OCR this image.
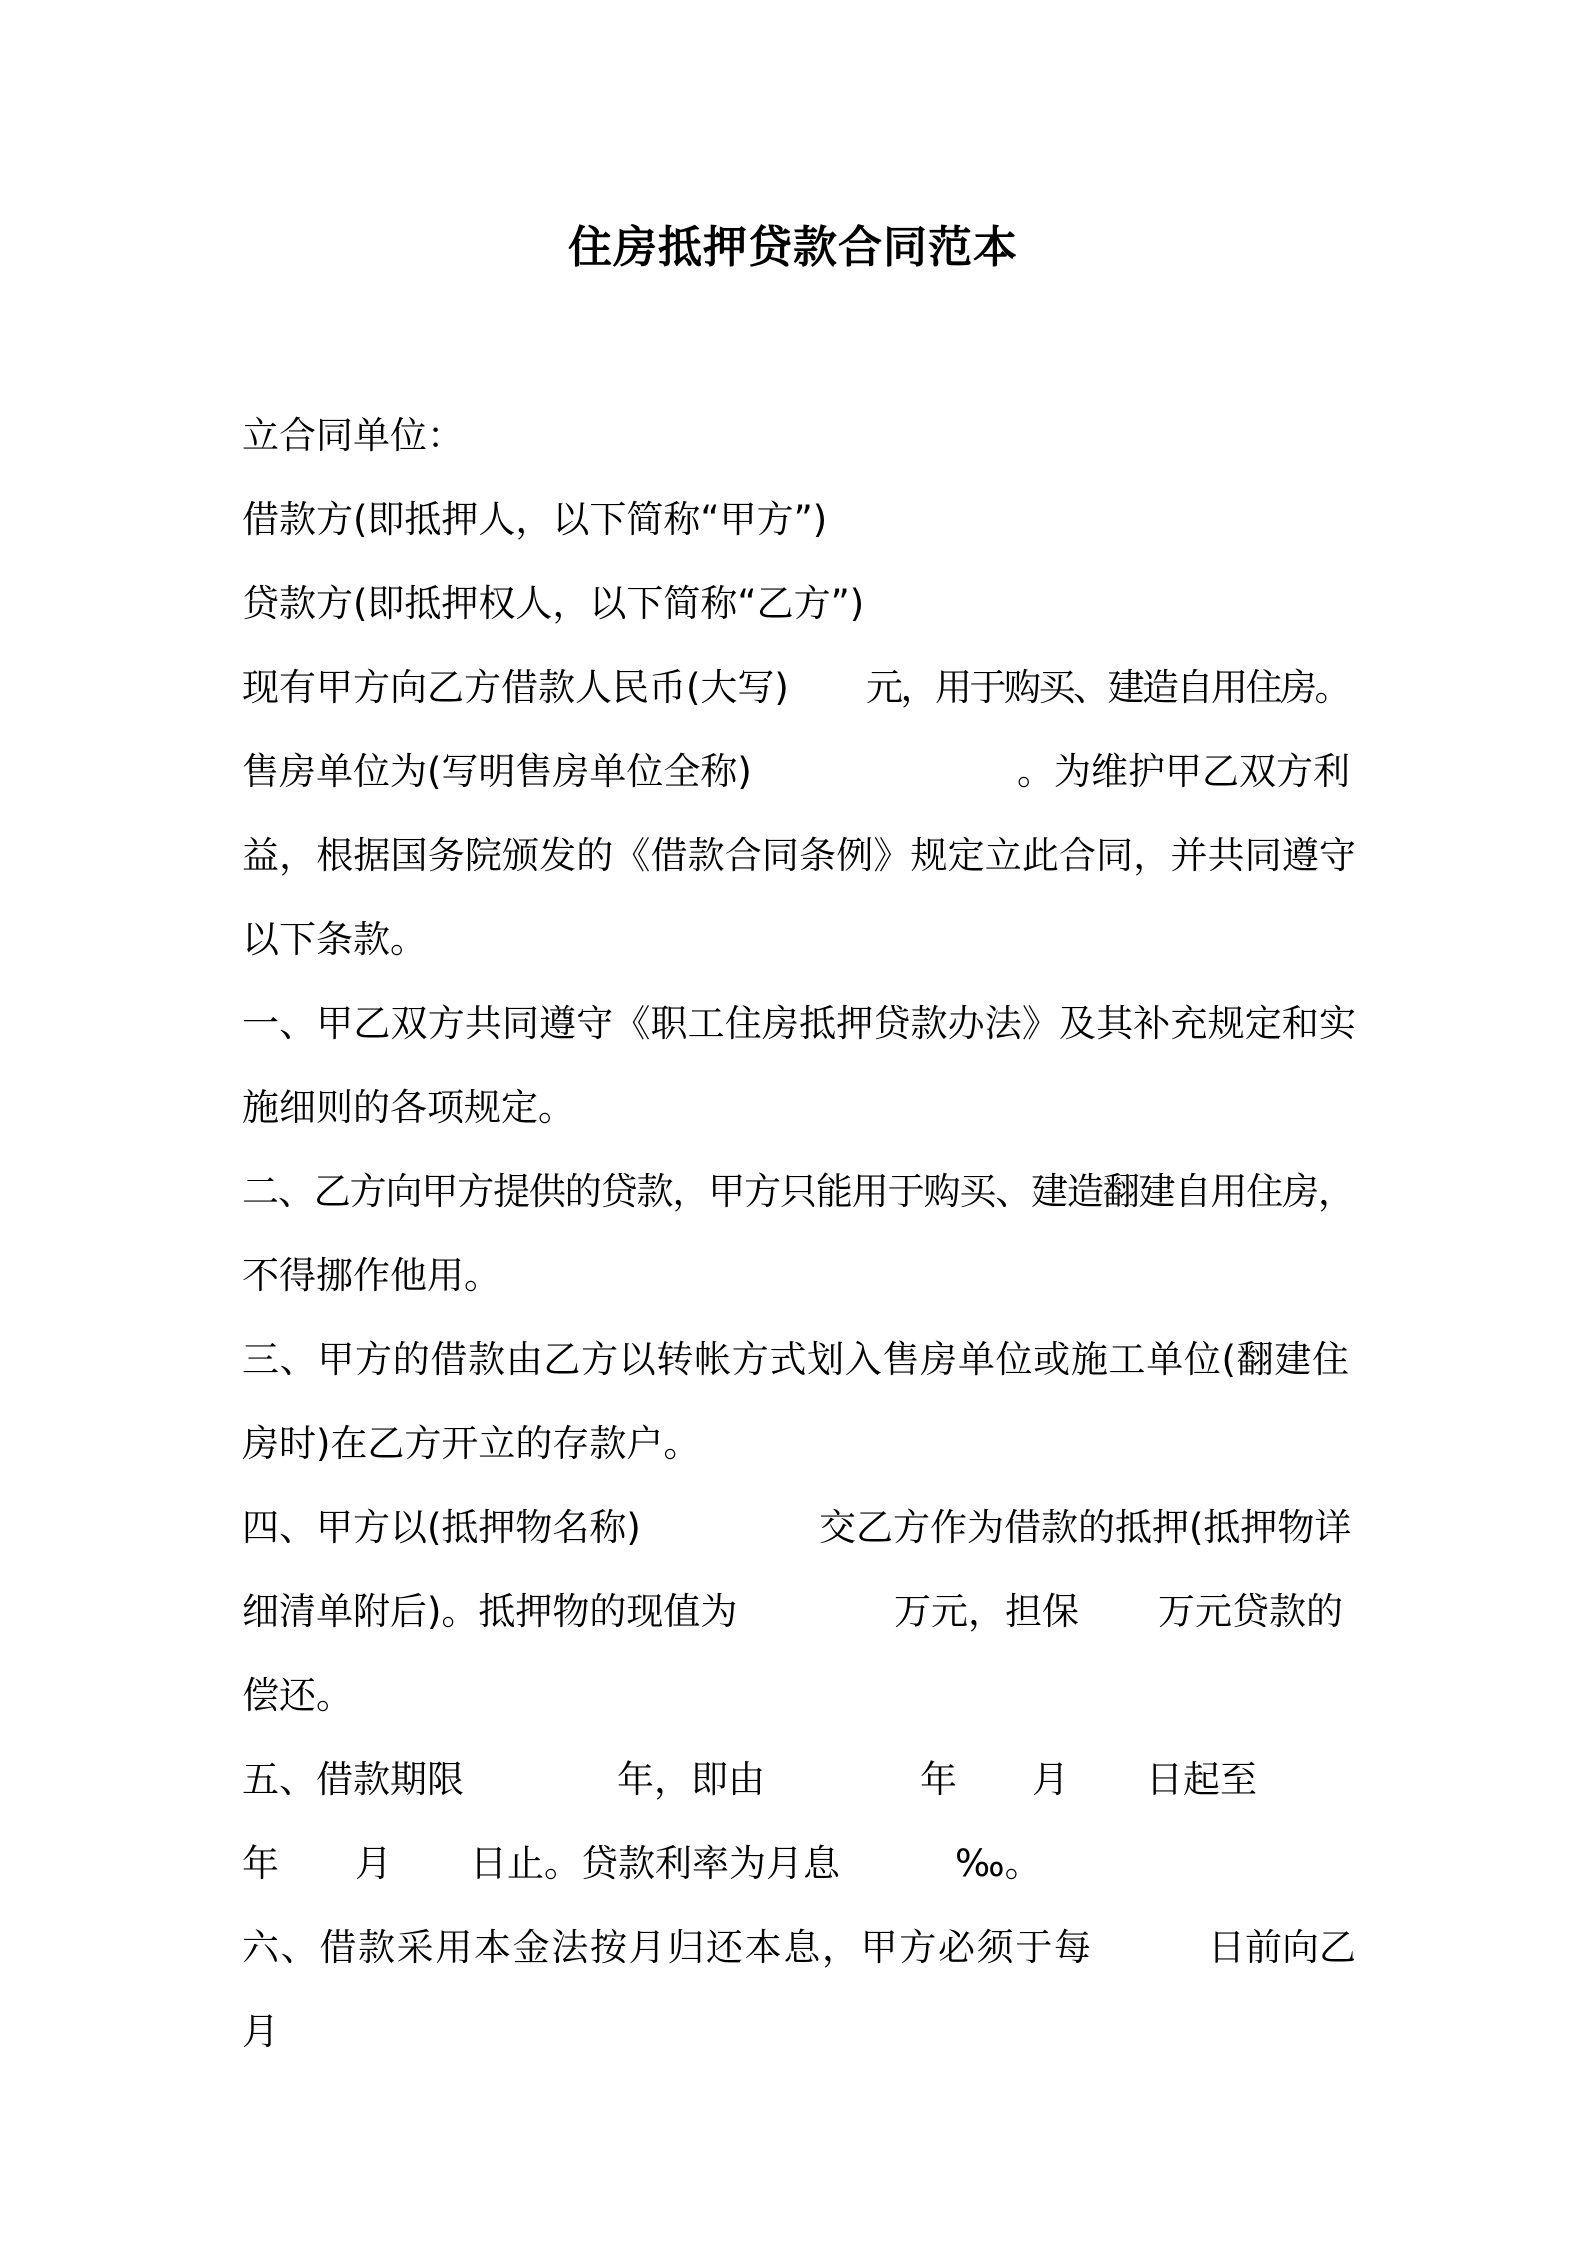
住房抵押贷款合同范本
立合同单位：
借款方(即抵押人，以下简称“甲方”)
贷款方(即抵押权人，以下简称“乙方”)
现有甲方向乙方借款人民币(大写) 元，用于购买、建造自用住房。
售房单位为(写明售房单位全称)	。为维护甲乙双方利
益，根据国务院颁发的《借款合同条例》规定立此合同，并共同遵守
以下条款。
一、甲乙双方共同遵守《职工住房抵押贷款办法》及其补充规定和实
施细则的各项规定。
二、乙方向甲方提供的贷款，甲方只能用于购买、建造翻建自用住房，
不得挪作他用。
三、甲方的借款由乙方以转帐方式划入售房单位或施工单位(翻建住
房时)在乙方开立的存款户。
四、甲方以(抵押物名称)	交乙方作为借款的抵押(抵押物详
细清单附后)。抵押物的现值为	万元，担保 万元贷款的
偿还。
五、借款期限	年，即由	年 月 日起至
年 月 日止。贷款利率为月息	‰。
六、借款采用本金法按月归还本息，甲方必须于每月
日前向乙
